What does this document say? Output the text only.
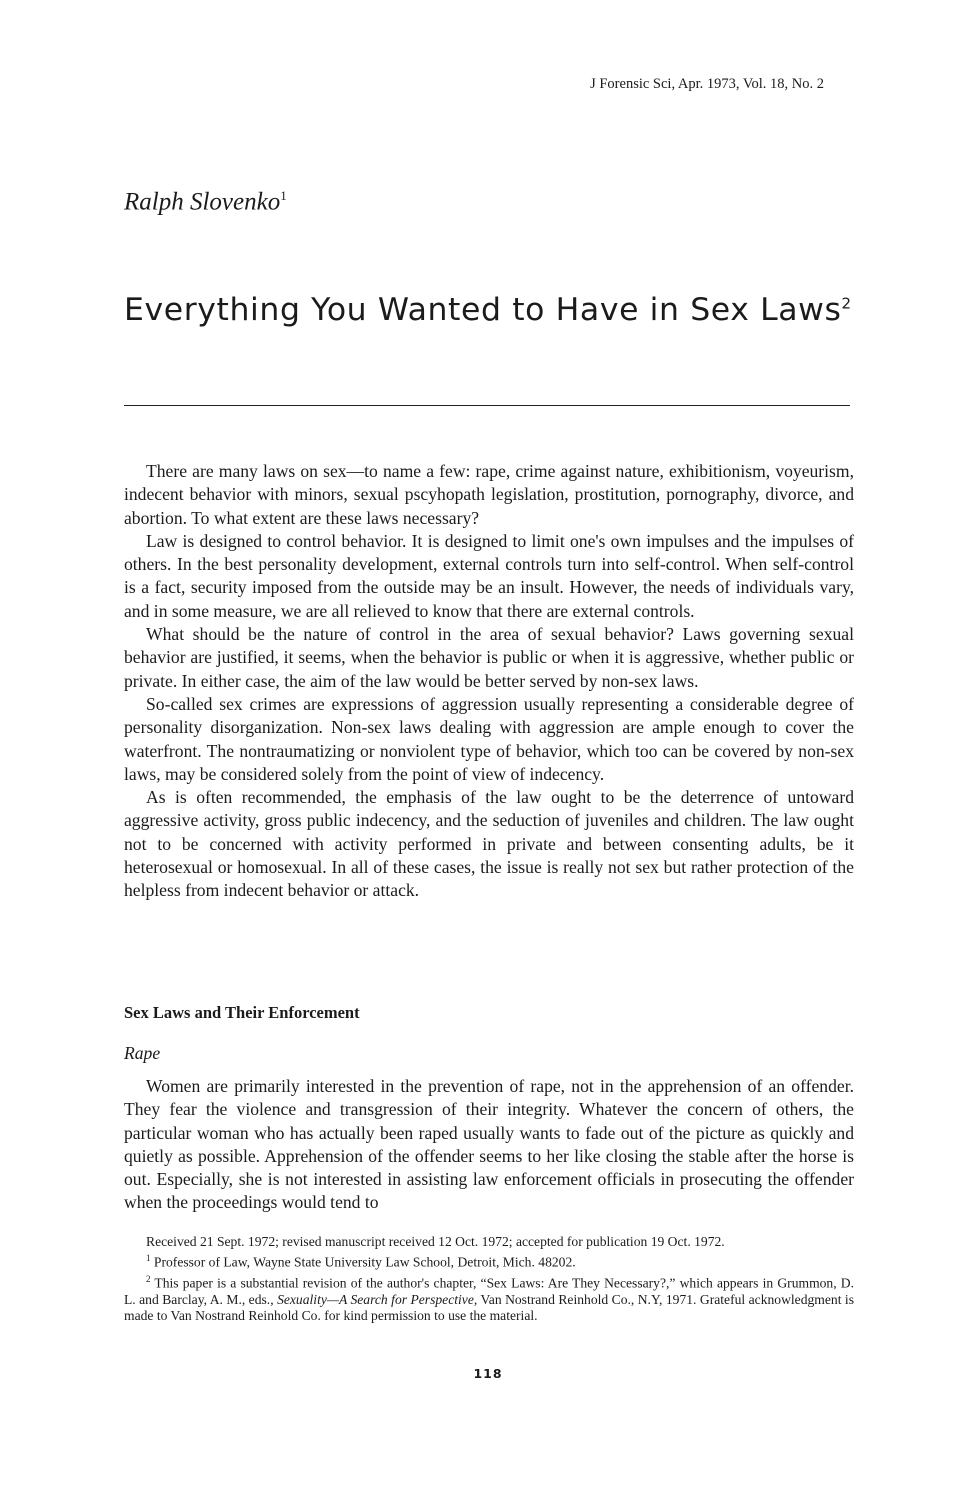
J Forensic Sci, Apr. 1973, Vol. 18, No. 2
Ralph Slovenko$^1$
Everything You Wanted to Have in Sex Laws$^2$

There are many laws on sex—to name a few: rape, crime against nature, exhibitionism, voyeurism, indecent behavior with minors, sexual pscyhopath legislation, prostitution, pornography, divorce, and abortion. To what extent are these laws necessary?

Law is designed to control behavior. It is designed to limit one's own impulses and the impulses of others. In the best personality development, external controls turn into self-control. When self-control is a fact, security imposed from the outside may be an insult. However, the needs of individuals vary, and in some measure, we are all relieved to know that there are external controls.

What should be the nature of control in the area of sexual behavior? Laws governing sexual behavior are justified, it seems, when the behavior is public or when it is aggressive, whether public or private. In either case, the aim of the law would be better served by non-sex laws.

So-called sex crimes are expressions of aggression usually representing a considerable degree of personality disorganization. Non-sex laws dealing with aggression are ample enough to cover the waterfront. The nontraumatizing or nonviolent type of behavior, which too can be covered by non-sex laws, may be considered solely from the point of view of indecency.

As is often recommended, the emphasis of the law ought to be the deterrence of untoward aggressive activity, gross public indecency, and the seduction of juveniles and children. The law ought not to be concerned with activity performed in private and between consenting adults, be it heterosexual or homosexual. In all of these cases, the issue is really not sex but rather protection of the helpless from indecent behavior or attack.

Sex Laws and Their Enforcement
Rape

Women are primarily interested in the prevention of rape, not in the apprehension of an offender. They fear the violence and transgression of their integrity. Whatever the concern of others, the particular woman who has actually been raped usually wants to fade out of the picture as quickly and quietly as possible. Apprehension of the offender seems to her like closing the stable after the horse is out. Especially, she is not interested in assisting law enforcement officials in prosecuting the offender when the proceedings would tend to

Received 21 Sept. 1972; revised manuscript received 12 Oct. 1972; accepted for publication 19 Oct. 1972.

$^1$ Professor of Law, Wayne State University Law School, Detroit, Mich. 48202.

$^2$ This paper is a substantial revision of the author's chapter, “Sex Laws: Are They Necessary?,” which appears in Grummon, D. L. and Barclay, A. M., eds., Sexuality—A Search for Perspective, Van Nostrand Reinhold Co., N.Y, 1971. Grateful acknowledgment is made to Van Nostrand Reinhold Co. for kind permission to use the material.

118
